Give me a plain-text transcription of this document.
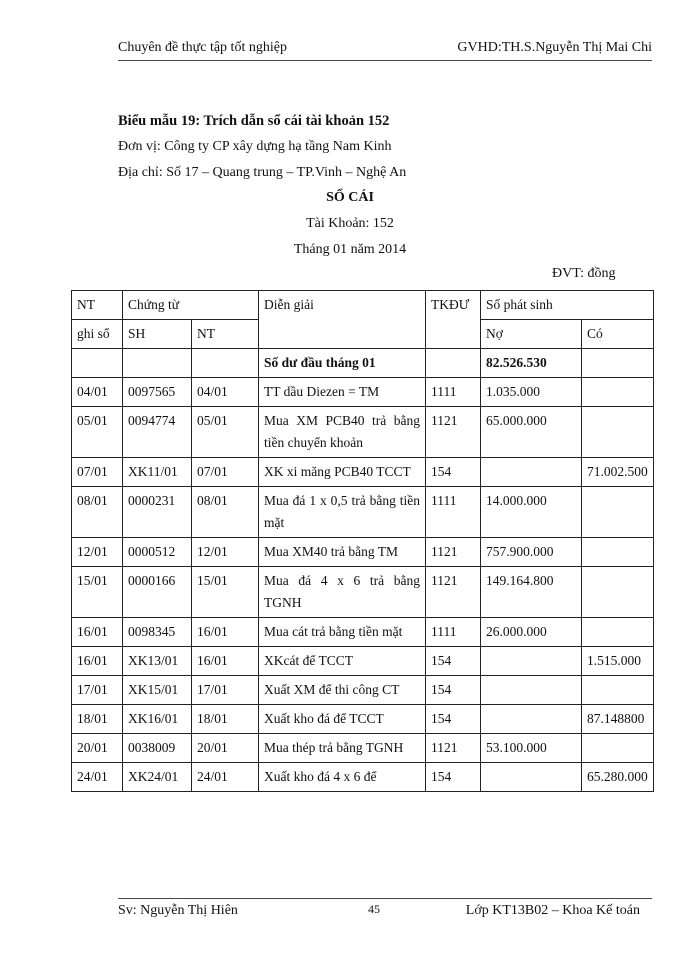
Chuyên đề thực tập tốt nghiệp	GVHD:TH.S.Nguyễn Thị Mai Chi
Biểu mẫu 19: Trích dẫn sổ cái tài khoản 152
Đơn vị: Công ty CP xây dựng hạ tầng Nam Kinh
Địa chỉ: Số 17 – Quang trung – TP.Vinh – Nghệ An
SỔ CÁI
Tài Khoản: 152
Tháng 01 năm 2014
ĐVT: đồng
NT	Chứng từ		Diễn giải	TKĐƯ	Số phát sinh	
ghi sổ	SH	NT			Nợ	Có
			Số dư đầu tháng 01		82.526.530	
04/01	0097565	04/01	TT dầu Diezen = TM	1111	1.035.000	
05/01	0094774	05/01	Mua XM PCB40 trả bằng tiền chuyển khoản	1121	65.000.000	
07/01	XK11/01	07/01	XK xi măng PCB40 TCCT	154		71.002.500
08/01	0000231	08/01	Mua đá 1 x 0,5 trả bằng tiền mặt	1111	14.000.000	
12/01	0000512	12/01	Mua XM40 trả bằng TM	1121	757.900.000	
15/01	0000166	15/01	Mua đá 4 x 6 trả bằng TGNH	1121	149.164.800	
16/01	0098345	16/01	Mua cát trả bằng tiền mặt	1111	26.000.000	
16/01	XK13/01	16/01	XKcát để TCCT	154		1.515.000
17/01	XK15/01	17/01	Xuất XM để thi công CT	154		
18/01	XK16/01	18/01	Xuất kho đá để TCCT	154		87.148800
20/01	0038009	20/01	Mua thép trả bằng TGNH	1121	53.100.000	
24/01	XK24/01	24/01	Xuất kho đá 4 x 6 để	154		65.280.000
Sv: Nguyễn Thị Hiên	45	Lớp KT13B02 – Khoa Kế toán
